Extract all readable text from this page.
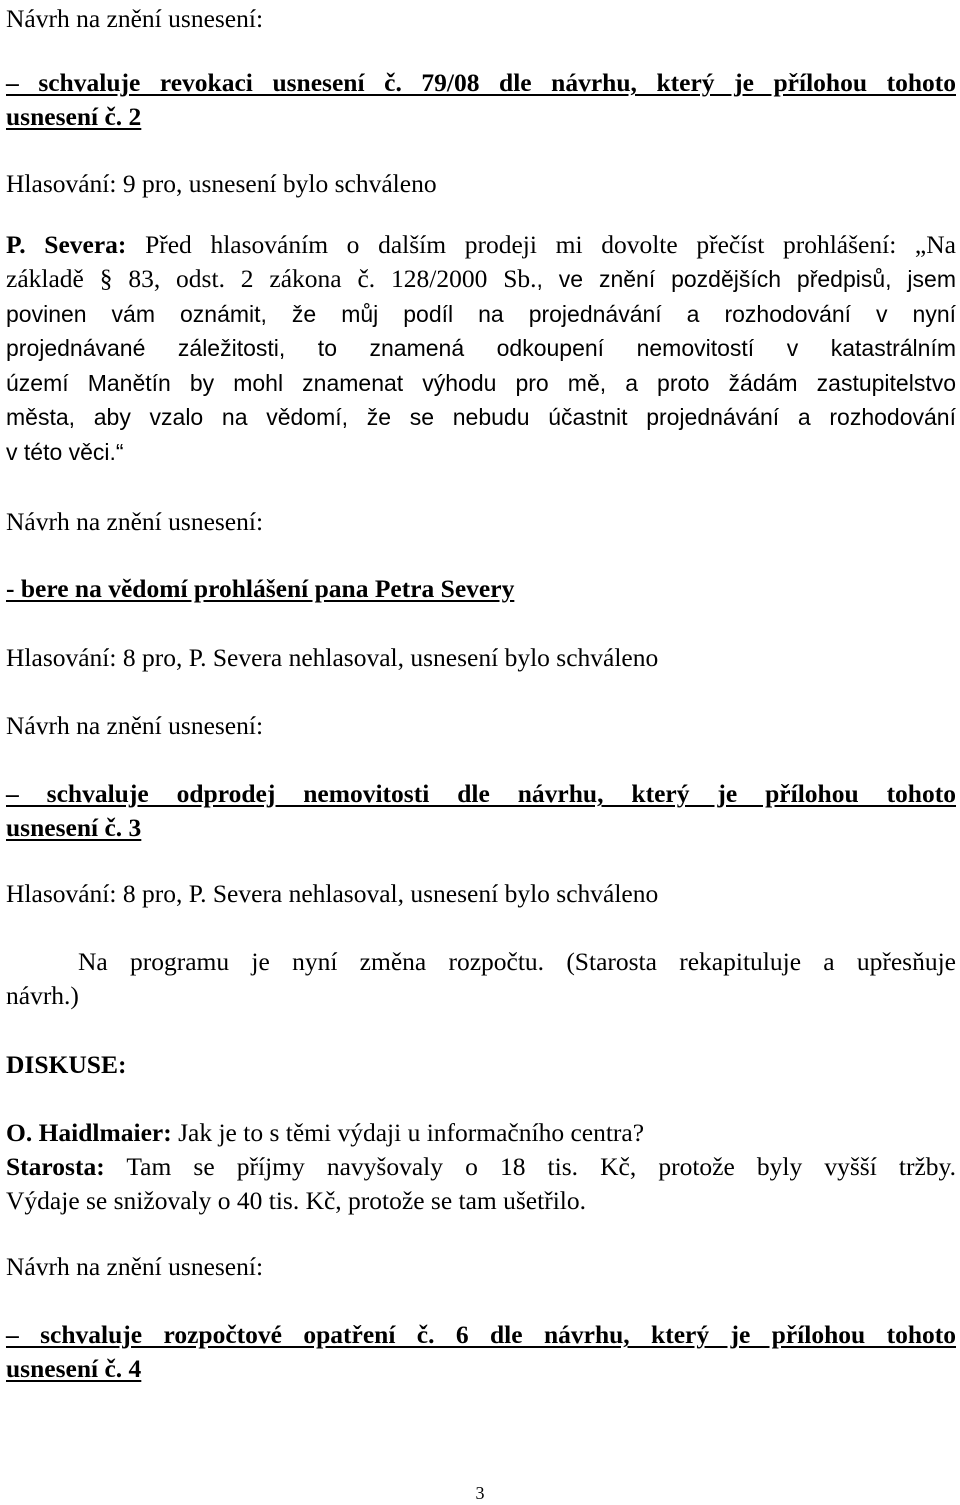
Návrh na znění usnesení:
– schvaluje revokaci usnesení č. 79/08 dle návrhu, který je přílohou tohoto
usnesení č. 2
Hlasování: 9 pro, usnesení bylo schváleno
P. Severa: Před hlasováním o dalším prodeji mi dovolte přečíst prohlášení: „Na
základě § 83, odst. 2 zákona č. 128/2000 Sb., ve znění pozdějších předpisů, jsem
povinen vám oznámit, že můj podíl na projednávání a rozhodování v nyní
projednávané záležitosti, to znamená odkoupení nemovitostí v katastrálním
území Manětín by mohl znamenat výhodu pro mě, a proto žádám zastupitelstvo
města, aby vzalo na vědomí, že se nebudu účastnit projednávání a rozhodování
v této věci.“
Návrh na znění usnesení:
- bere na vědomí prohlášení pana Petra Severy
Hlasování: 8 pro, P. Severa nehlasoval, usnesení bylo schváleno
Návrh na znění usnesení:
– schvaluje odprodej nemovitosti dle návrhu, který je přílohou tohoto
usnesení č. 3
Hlasování: 8 pro, P. Severa nehlasoval, usnesení bylo schváleno
Na programu je nyní změna rozpočtu. (Starosta rekapituluje a upřesňuje
návrh.)
DISKUSE:
O. Haidlmaier: Jak je to s těmi výdaji u informačního centra?
Starosta: Tam se příjmy navyšovaly o 18 tis. Kč, protože byly vyšší tržby.
Výdaje se snižovaly o 40 tis. Kč, protože se tam ušetřilo.
Návrh na znění usnesení:
– schvaluje rozpočtové opatření č. 6 dle návrhu, který je přílohou tohoto
usnesení č. 4
3
